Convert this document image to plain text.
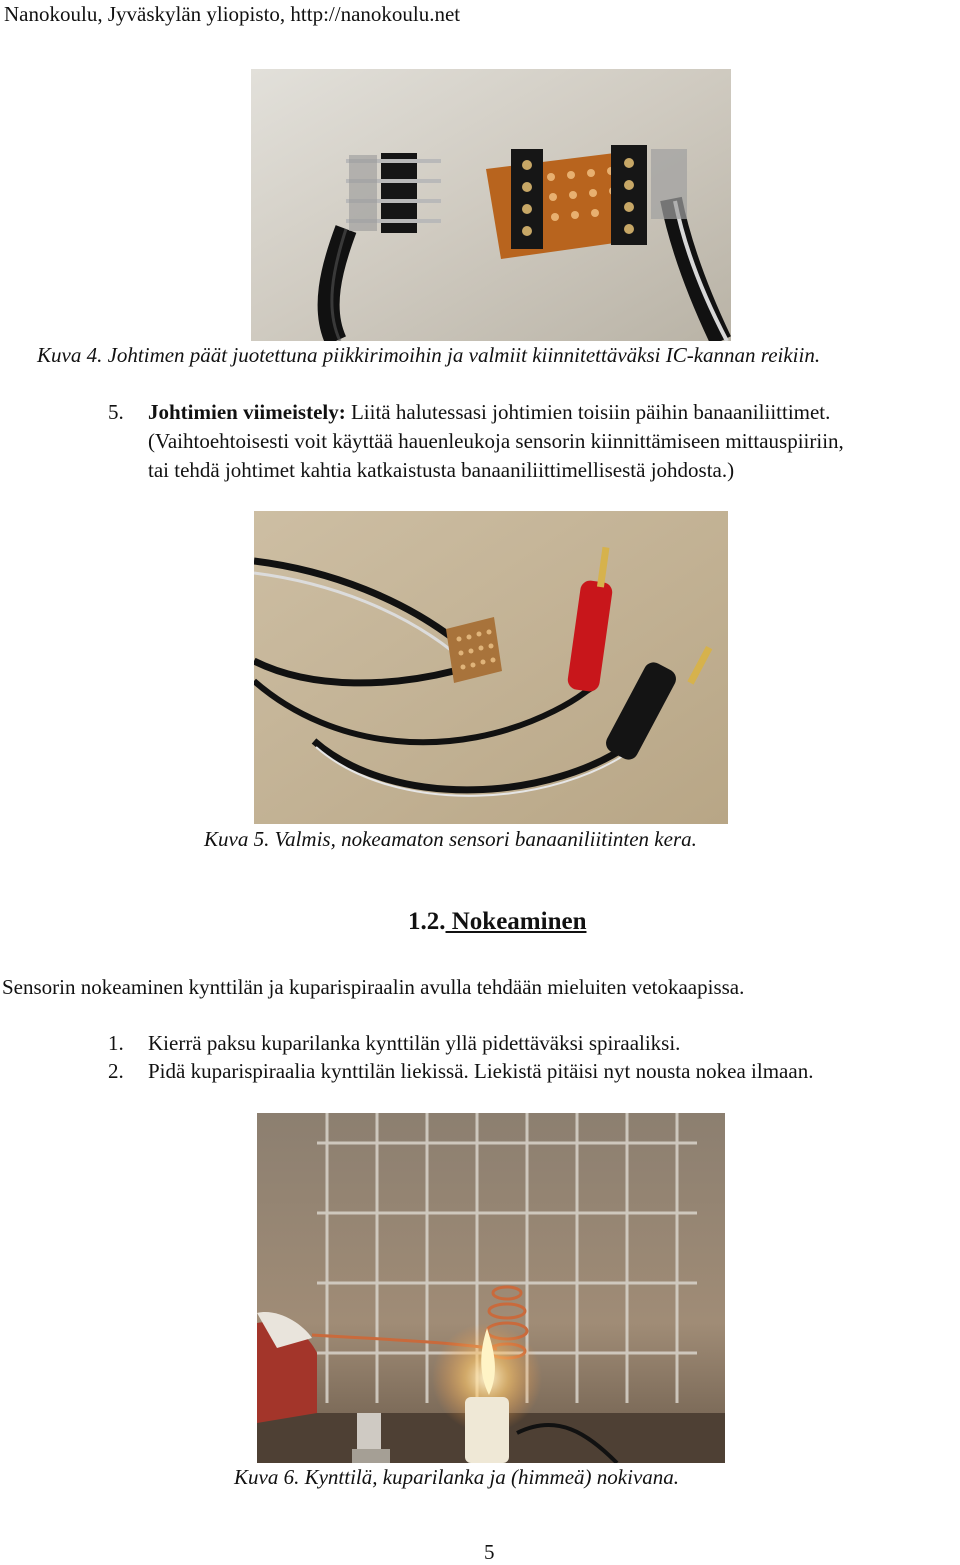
Nanokoulu, Jyväskylän yliopisto, http://nanokoulu.net
Kuva 4. Johtimen päät juotettuna piikkirimoihin ja valmiit kiinnitettäväksi IC-kannan reikiin.
5. Johtimien viimeistely: Liitä halutessasi johtimien toisiin päihin banaaniliittimet.
(Vaihtoehtoisesti voit käyttää hauenleukoja sensorin kiinnittämiseen mittauspiiriin,
tai tehdä johtimet kahtia katkaistusta banaaniliittimellisestä johdosta.)
Kuva 5. Valmis, nokeamaton sensori banaaniliitinten kera.
1.2. Nokeaminen
Sensorin nokeaminen kynttilän ja kuparispiraalin avulla tehdään mieluiten vetokaapissa.
1. Kierrä paksu kuparilanka kynttilän yllä pidettäväksi spiraaliksi.
2. Pidä kuparispiraalia kynttilän liekissä. Liekistä pitäisi nyt nousta nokea ilmaan.
Kuva 6. Kynttilä, kuparilanka ja (himmeä) nokivana.
5
